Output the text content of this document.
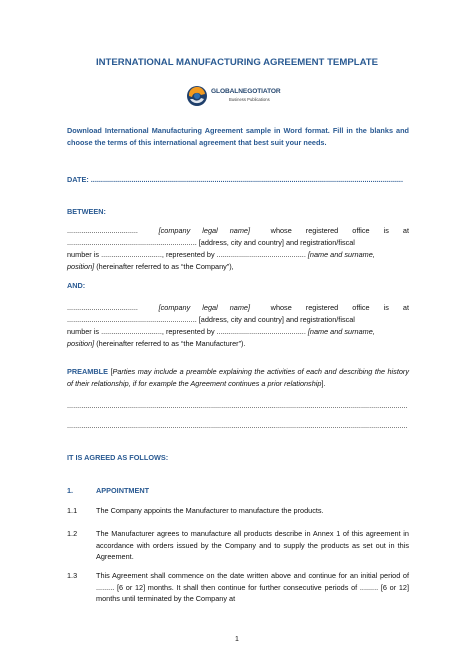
INTERNATIONAL MANUFACTURING AGREEMENT TEMPLATE
GLOBALNEGOTIATOR
Business Publications
Download International Manufacturing Agreement sample in Word format. Fill in the blanks and choose the terms of this international agreement that best suit your needs.
DATE: ..........................................................................................................................................................
BETWEEN:
...................................	[company legal name]	whose registered office is at
................................................................ [address, city and country] and registration/fiscal
number is .............................., represented by ............................................ [name and surname,
position] (hereinafter referred to as “the Company”),
AND:
...................................	[company legal name]	whose registered office is at
................................................................ [address, city and country] and registration/fiscal
number is .............................., represented by ............................................ [name and surname,
position] (hereinafter referred to as “the Manufacturer”).
PREAMBLE [Parties may include a preamble explaining the activities of each and describing the history of their relationship, if for example the Agreement continues a prior relationship].
........................................................................................................................................................................
........................................................................................................................................................................
IT IS AGREED AS FOLLOWS:
1.	APPOINTMENT
1.1	The Company appoints the Manufacturer to manufacture the products.
1.2	The Manufacturer agrees to manufacture all products describe in Annex 1 of this agreement in accordance with orders issued by the Company and to supply the products as set out in this Agreement.
1.3	This Agreement shall commence on the date written above and continue for an initial period of ......... [6 or 12] months. It shall then continue for further consecutive periods of ......... [6 or 12] months until terminated by the Company at
1
